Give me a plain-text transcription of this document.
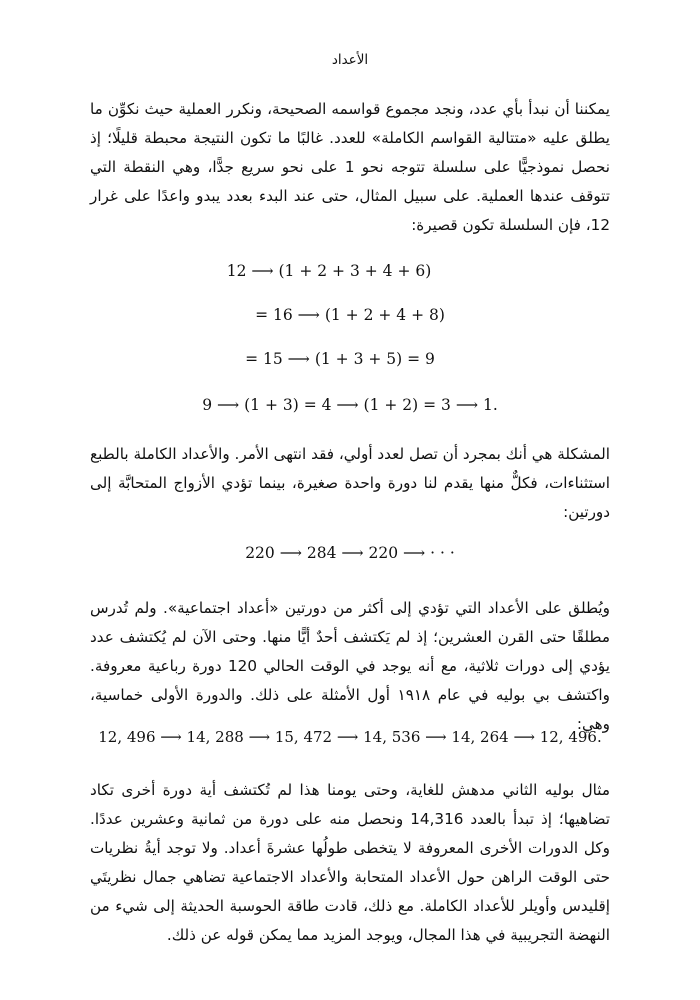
الأعداد

يمكننا أن نبدأ بأي عدد، ونجد مجموع قواسمه الصحيحة، ونكرر العملية حيث نكوِّن ما يطلق عليه «متتالية القواسم الكاملة» للعدد. غالبًا ما تكون النتيجة محبطة قليلًا؛ إذ نحصل نموذجيًّا على سلسلة تتوجه نحو 1 على نحو سريع جدًّا، وهي النقطة التي تتوقف عندها العملية. على سبيل المثال، حتى عند البدء بعدد يبدو واعدًا على غرار 12، فإن السلسلة تكون قصيرة:

12 ⟶ (1 + 2 + 3 + 4 + 6)
= 16 ⟶ (1 + 2 + 4 + 8)
= 15 ⟶ (1 + 3 + 5) = 9
9 ⟶ (1 + 3) = 4 ⟶ (1 + 2) = 3 ⟶ 1.

المشكلة هي أنك بمجرد أن تصل لعدد أولي، فقد انتهى الأمر. والأعداد الكاملة بالطبع استثناءات، فكلٌّ منها يقدم لنا دورة واحدة صغيرة، بينما تؤدي الأزواج المتحابَّة إلى دورتين:

220 ⟶ 284 ⟶ 220 ⟶ · · ·

ويُطلق على الأعداد التي تؤدي إلى أكثر من دورتين «أعداد اجتماعية». ولم تُدرس مطلقًا حتى القرن العشرين؛ إذ لم يَكتشف أحدٌ أيًّا منها. وحتى الآن لم يُكتشف عدد يؤدي إلى دورات ثلاثية، مع أنه يوجد في الوقت الحالي 120 دورة رباعية معروفة. واكتشف بي بوليه في عام ١٩١٨ أول الأمثلة على ذلك. والدورة الأولى خماسية، وهي:

12, 496 ⟶ 14, 288 ⟶ 15, 472 ⟶ 14, 536 ⟶ 14, 264 ⟶ 12, 496.

مثال بوليه الثاني مدهش للغاية، وحتى يومنا هذا لم تُكتشف أية دورة أخرى تكاد تضاهيها؛ إذ تبدأ بالعدد 14,316 ونحصل منه على دورة من ثمانية وعشرين عددًا. وكل الدورات الأخرى المعروفة لا يتخطى طولُها عشرةَ أعداد. ولا توجد أيةُ نظريات حتى الوقت الراهن حول الأعداد المتحابة والأعداد الاجتماعية تضاهي جمال نظريتَي إقليدس وأويلر للأعداد الكاملة. مع ذلك، قادت طاقة الحوسبة الحديثة إلى شيء من النهضة التجريبية في هذا المجال، ويوجد المزيد مما يمكن قوله عن ذلك.
